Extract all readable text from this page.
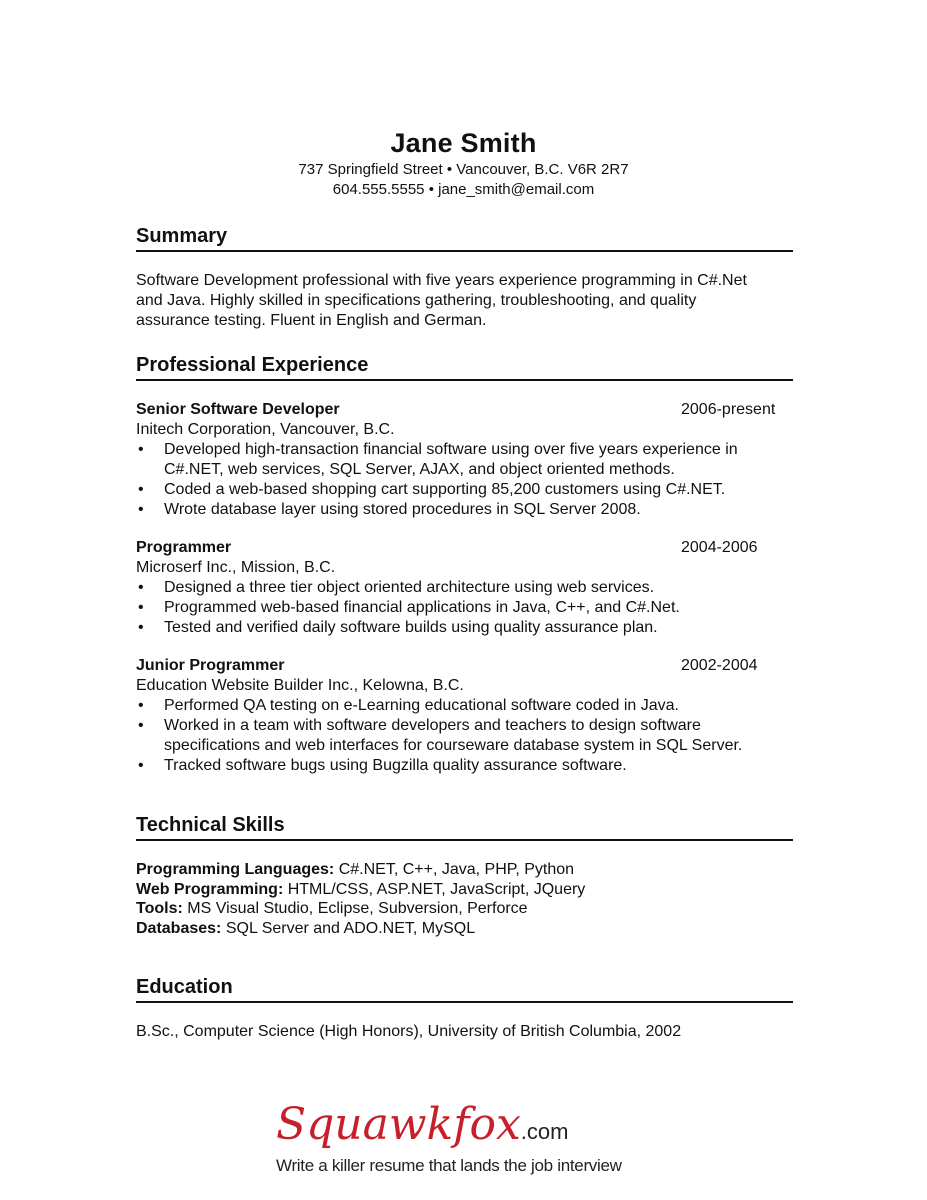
Jane Smith

737 Springfield Street • Vancouver, B.C. V6R 2R7

604.555.5555 • jane_smith@email.com

Summary

Software Development professional with five years experience programming in C#.Net

and Java. Highly skilled in specifications gathering, troubleshooting, and quality

assurance testing. Fluent in English and German.

Professional Experience

Senior Software Developer	2006-present

Initech Corporation, Vancouver, B.C.

• Developed high-transaction financial software using over five years experience in
C#.NET, web services, SQL Server, AJAX, and object oriented methods.
• Coded a web-based shopping cart supporting 85,200 customers using C#.NET.
• Wrote database layer using stored procedures in SQL Server 2008.
Programmer	2004-2006

Microserf Inc., Mission, B.C.

• Designed a three tier object oriented architecture using web services.
• Programmed web-based financial applications in Java, C++, and C#.Net.
• Tested and verified daily software builds using quality assurance plan.
Junior Programmer	2002-2004

Education Website Builder Inc., Kelowna, B.C.

• Performed QA testing on e-Learning educational software coded in Java.
• Worked in a team with software developers and teachers to design software
specifications and web interfaces for courseware database system in SQL Server.
• Tracked software bugs using Bugzilla quality assurance software.

Technical Skills

Programming Languages: C#.NET, C++, Java, PHP, Python
Web Programming: HTML/CSS, ASP.NET, JavaScript, JQuery
Tools: MS Visual Studio, Eclipse, Subversion, Perforce
Databases: SQL Server and ADO.NET, MySQL

Education

B.Sc., Computer Science (High Honors), University of British Columbia, 2002

Squawkfox.com
Write a killer resume that lands the job interview
